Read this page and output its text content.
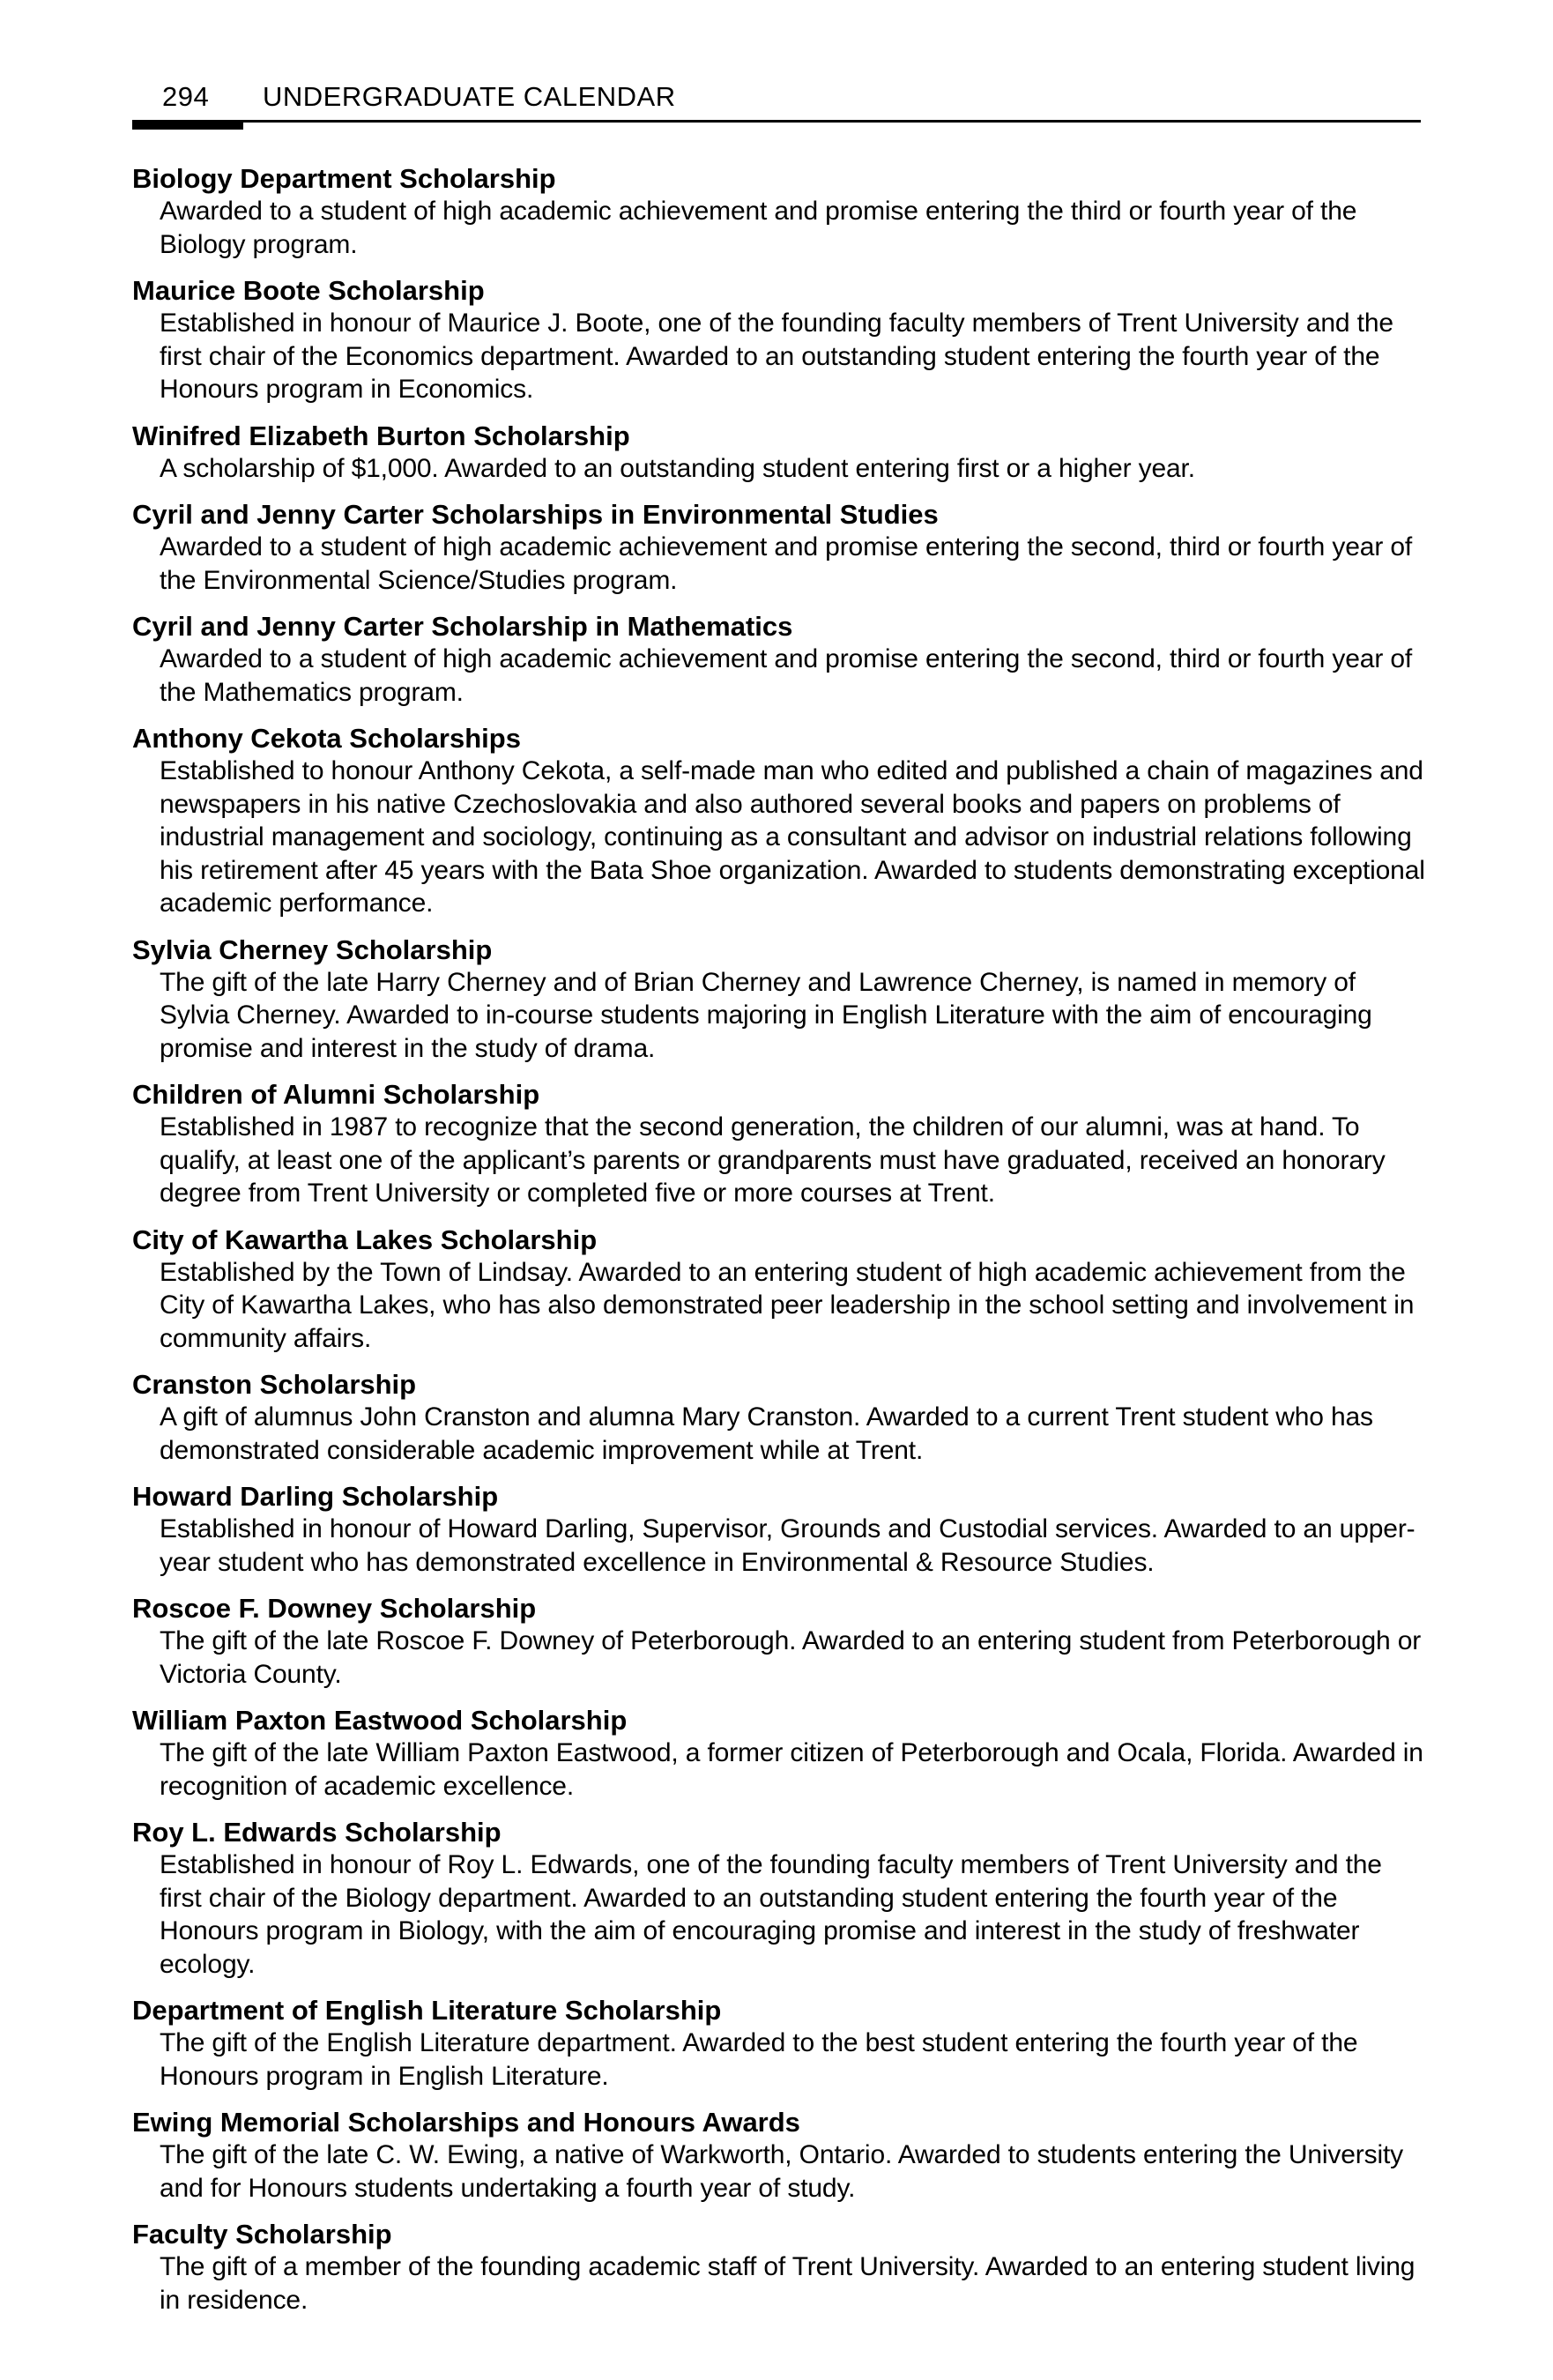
294 UNDERGRADUATE CALENDAR
Biology Department Scholarship
Awarded to a student of high academic achievement and promise entering the third or fourth year of the Biology program.
Maurice Boote Scholarship
Established in honour of Maurice J. Boote, one of the founding faculty members of Trent University and the first chair of the Economics department. Awarded to an outstanding student entering the fourth year of the Honours program in Economics.
Winifred Elizabeth Burton Scholarship
A scholarship of $1,000. Awarded to an outstanding student entering first or a higher year.
Cyril and Jenny Carter Scholarships in Environmental Studies
Awarded to a student of high academic achievement and promise entering the second, third or fourth year of the Environmental Science/Studies program.
Cyril and Jenny Carter Scholarship in Mathematics
Awarded to a student of high academic achievement and promise entering the second, third or fourth year of the Mathematics program.
Anthony Cekota Scholarships
Established to honour Anthony Cekota, a self-made man who edited and published a chain of magazines and newspapers in his native Czechoslovakia and also authored several books and papers on problems of industrial management and sociology, continuing as a consultant and advisor on industrial relations following his retirement after 45 years with the Bata Shoe organization. Awarded to students demonstrating exceptional academic performance.
Sylvia Cherney Scholarship
The gift of the late Harry Cherney and of Brian Cherney and Lawrence Cherney, is named in memory of Sylvia Cherney. Awarded to in-course students majoring in English Literature with the aim of encouraging promise and interest in the study of drama.
Children of Alumni Scholarship
Established in 1987 to recognize that the second generation, the children of our alumni, was at hand. To qualify, at least one of the applicant’s parents or grandparents must have graduated, received an honorary degree from Trent University or completed five or more courses at Trent.
City of Kawartha Lakes Scholarship
Established by the Town of Lindsay. Awarded to an entering student of high academic achievement from the City of Kawartha Lakes, who has also demonstrated peer leadership in the school setting and involvement in community affairs.
Cranston Scholarship
A gift of alumnus John Cranston and alumna Mary Cranston. Awarded to a current Trent student who has demonstrated considerable academic improvement while at Trent.
Howard Darling Scholarship
Established in honour of Howard Darling, Supervisor, Grounds and Custodial services. Awarded to an upper-year student who has demonstrated excellence in Environmental & Resource Studies.
Roscoe F. Downey Scholarship
The gift of the late Roscoe F. Downey of Peterborough. Awarded to an entering student from Peterborough or Victoria County.
William Paxton Eastwood Scholarship
The gift of the late William Paxton Eastwood, a former citizen of Peterborough and Ocala, Florida. Awarded in recognition of academic excellence.
Roy L. Edwards Scholarship
Established in honour of Roy L. Edwards, one of the founding faculty members of Trent University and the first chair of the Biology department. Awarded to an outstanding student entering the fourth year of the Honours program in Biology, with the aim of encouraging promise and interest in the study of freshwater ecology.
Department of English Literature Scholarship
The gift of the English Literature department. Awarded to the best student entering the fourth year of the Honours program in English Literature.
Ewing Memorial Scholarships and Honours Awards
The gift of the late C. W. Ewing, a native of Warkworth, Ontario. Awarded to students entering the University and for Honours students undertaking a fourth year of study.
Faculty Scholarship
The gift of a member of the founding academic staff of Trent University. Awarded to an entering student living in residence.
